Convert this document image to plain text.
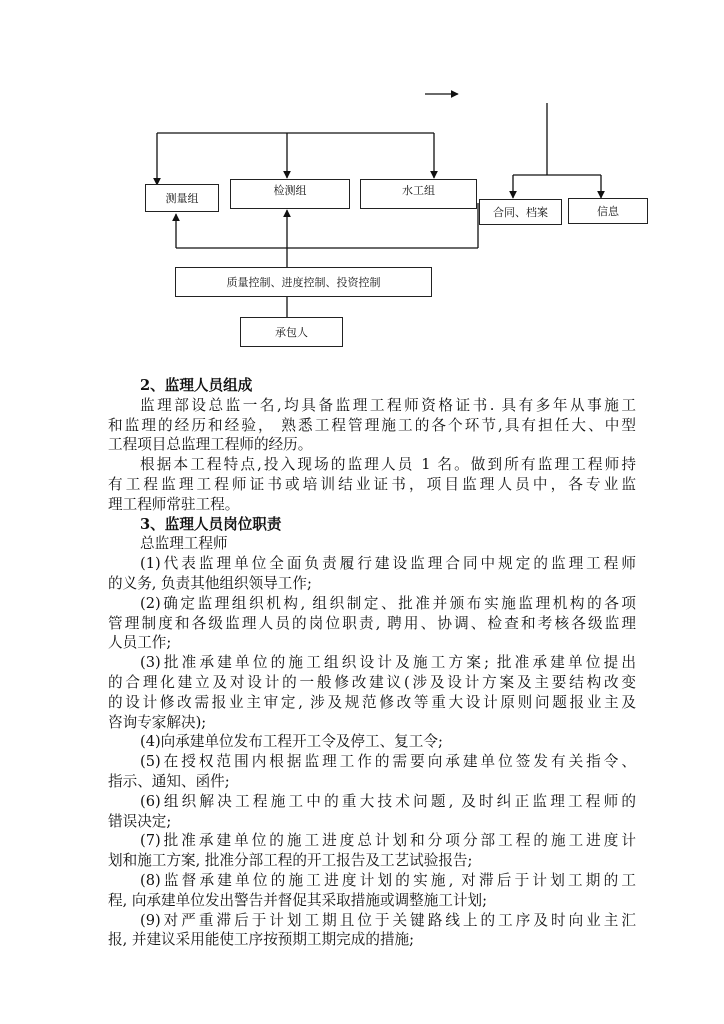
测量组
检测组	水工组
合同、档案	信息
质量控制、进度控制、投资控制
承包人
2、监理人员组成
监理部设总监一名,均具备监理工程师资格证书. 具有多年从事施工
和监理的经历和经验， 熟悉工程管理施工的各个环节,具有担任大、中型
工程项目总监理工程师的经历。
根据本工程特点,投入现场的监理人员 1 名。做到所有监理工程师持
有工程监理工程师证书或培训结业证书，项目监理人员中，各专业监
理工程师常驻工程。
3、监理人员岗位职责
总监理工程师
(1)代表监理单位全面负责履行建设监理合同中规定的监理工程师
的义务, 负责其他组织领导工作;
(2)确定监理组织机构, 组织制定、批准并颁布实施监理机构的各项
管理制度和各级监理人员的岗位职责, 聘用、协调、检查和考核各级监理
人员工作;
(3)批准承建单位的施工组织设计及施工方案; 批准承建单位提出
的合理化建立及对设计的一般修改建议(涉及设计方案及主要结构改变
的设计修改需报业主审定, 涉及规范修改等重大设计原则问题报业主及
咨询专家解决);
(4)向承建单位发布工程开工令及停工、复工令;
(5)在授权范围内根据监理工作的需要向承建单位签发有关指令、
指示、通知、函件;
(6)组织解决工程施工中的重大技术问题, 及时纠正监理工程师的
错误决定;
(7)批准承建单位的施工进度总计划和分项分部工程的施工进度计
划和施工方案, 批准分部工程的开工报告及工艺试验报告;
(8)监督承建单位的施工进度计划的实施, 对滞后于计划工期的工
程, 向承建单位发出警告并督促其采取措施或调整施工计划;
(9)对严重滞后于计划工期且位于关键路线上的工序及时向业主汇
报, 并建议采用能使工序按预期工期完成的措施;
